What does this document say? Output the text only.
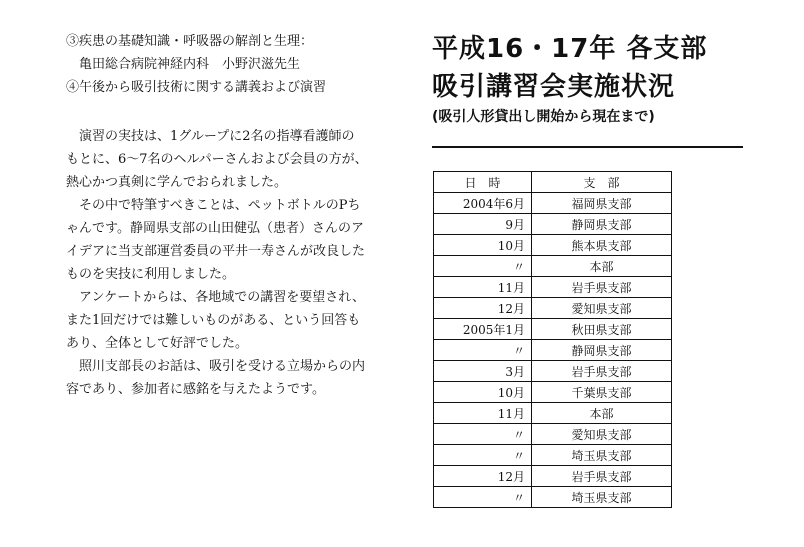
③疾患の基礎知識・呼吸器の解剖と生理：
　亀田総合病院神経内科　小野沢滋先生
④午後から吸引技術に関する講義および演習
　演習の実技は、1グループに2名の指導看護師の
もとに、6～7名のヘルパーさんおよび会員の方が、
熱心かつ真剣に学んでおられました。
　その中で特筆すべきことは、ペットボトルのPち
ゃんです。静岡県支部の山田健弘（患者）さんのア
イデアに当支部運営委員の平井一寿さんが改良した
ものを実技に利用しました。
　アンケートからは、各地域での講習を要望され、
また1回だけでは難しいものがある、という回答も
あり、全体として好評でした。
　照川支部長のお話は、吸引を受ける立場からの内
容であり、参加者に感銘を与えたようです。
平成16・17年 各支部
吸引講習会実施状況
(吸引人形貸出し開始から現在まで)
日　時	支　部
2004年6月	福岡県支部
9月	静岡県支部
10月	熊本県支部
〃	本部
11月	岩手県支部
12月	愛知県支部
2005年1月	秋田県支部
〃	静岡県支部
3月	岩手県支部
10月	千葉県支部
11月	本部
〃	愛知県支部
〃	埼玉県支部
12月	岩手県支部
〃	埼玉県支部
